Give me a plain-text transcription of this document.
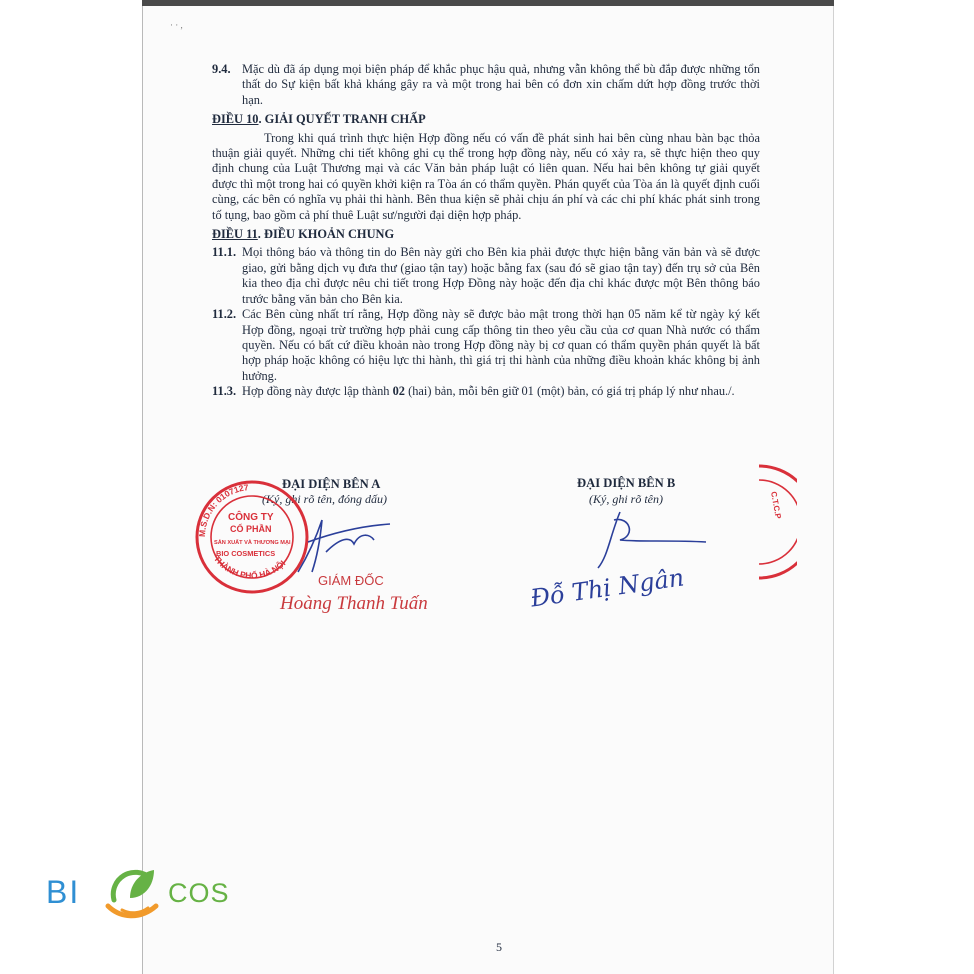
· · ,
9.4. Mặc dù đã áp dụng mọi biện pháp để khắc phục hậu quả, nhưng vẫn không thể bù đắp được những tổn thất do Sự kiện bất khả kháng gây ra và một trong hai bên có đơn xin chấm dứt hợp đồng trước thời hạn.
ĐIỀU 10. GIẢI QUYẾT TRANH CHẤP
Trong khi quá trình thực hiện Hợp đồng nếu có vấn đề phát sinh hai bên cùng nhau bàn bạc thỏa thuận giải quyết. Những chi tiết không ghi cụ thể trong hợp đồng này, nếu có xảy ra, sẽ thực hiện theo quy định chung của Luật Thương mại và các Văn bản pháp luật có liên quan. Nếu hai bên không tự giải quyết được thì một trong hai có quyền khởi kiện ra Tòa án có thẩm quyền. Phán quyết của Tòa án là quyết định cuối cùng, các bên có nghĩa vụ phải thi hành. Bên thua kiện sẽ phải chịu án phí và các chi phí khác phát sinh trong tố tụng, bao gồm cả phí thuê Luật sư/người đại diện hợp pháp.
ĐIỀU 11. ĐIỀU KHOẢN CHUNG
11.1. Mọi thông báo và thông tin do Bên này gửi cho Bên kia phải được thực hiện bằng văn bản và sẽ được giao, gửi bằng dịch vụ đưa thư (giao tận tay) hoặc bằng fax (sau đó sẽ giao tận tay) đến trụ sở của Bên kia theo địa chỉ được nêu chi tiết trong Hợp Đồng này hoặc đến địa chỉ khác được một Bên thông báo trước bằng văn bản cho Bên kia.
11.2. Các Bên cùng nhất trí rằng, Hợp đồng này sẽ được bảo mật trong thời hạn 05 năm kể từ ngày ký kết Hợp đồng, ngoại trừ trường hợp phải cung cấp thông tin theo yêu cầu của cơ quan Nhà nước có thẩm quyền. Nếu có bất cứ điều khoản nào trong Hợp đồng này bị cơ quan có thẩm quyền phán quyết là bất hợp pháp hoặc không có hiệu lực thi hành, thì giá trị thi hành của những điều khoản khác không bị ảnh hưởng.
11.3. Hợp đồng này được lập thành 02 (hai) bản, mỗi bên giữ 01 (một) bản, có giá trị pháp lý như nhau./.
ĐẠI DIỆN BÊN A
(Ký, ghi rõ tên, đóng dấu)
M.S.D.N: 0107127
THÀNH PHỐ HÀ NỘI
CÔNG TY
CỔ PHẦN
SẢN XUẤT VÀ THƯƠNG MẠI
BIO COSMETICS
GIÁM ĐỐC
Hoàng Thanh Tuấn
ĐẠI DIỆN BÊN B
(Ký, ghi rõ tên)
Đỗ Thị Ngân
C.T.C.P
BI	COS
5
